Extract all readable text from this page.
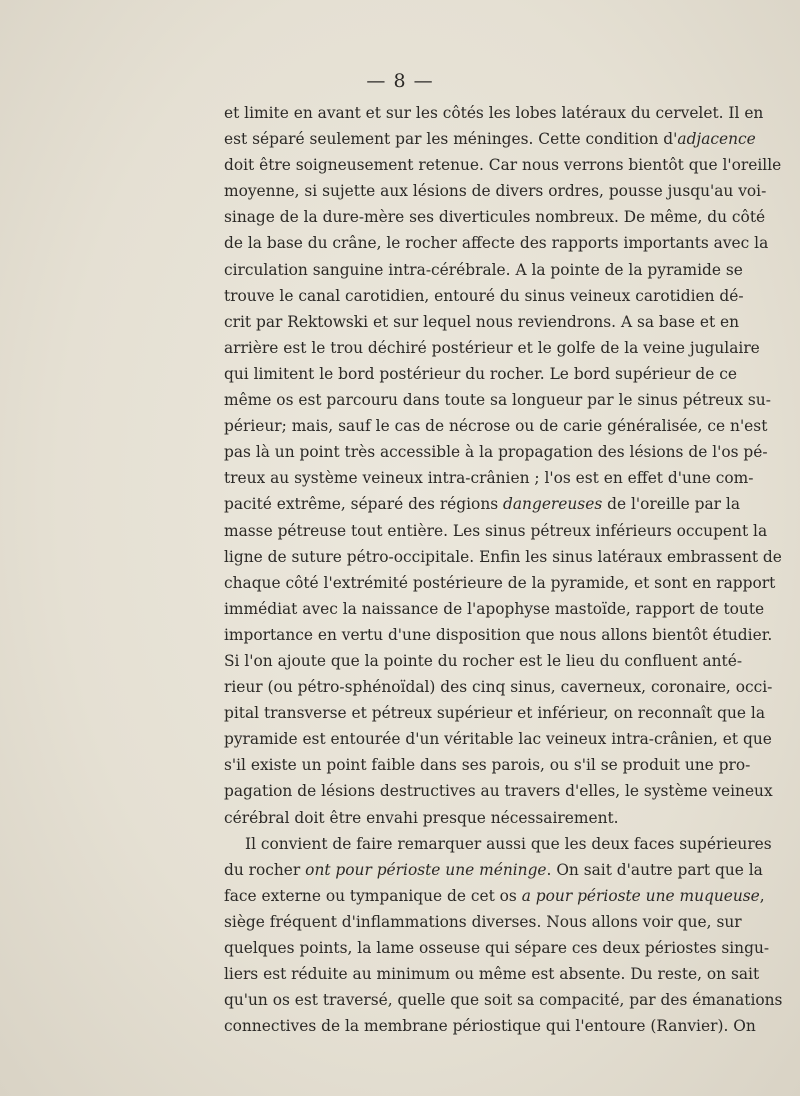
— 8 —
et limite en avant et sur les côtés les lobes latéraux du cervelet. Il en
est séparé seulement par les méninges. Cette condition d'adjacence
doit être soigneusement retenue. Car nous verrons bientôt que l'oreille
moyenne, si sujette aux lésions de divers ordres, pousse jusqu'au voi-
sinage de la dure-mère ses diverticules nombreux. De même, du côté
de la base du crâne, le rocher affecte des rapports importants avec la
circulation sanguine intra-cérébrale. A la pointe de la pyramide se
trouve le canal carotidien, entouré du sinus veineux carotidien dé-
crit par Rektowski et sur lequel nous reviendrons. A sa base et en
arrière est le trou déchiré postérieur et le golfe de la veine jugulaire
qui limitent le bord postérieur du rocher. Le bord supérieur de ce
même os est parcouru dans toute sa longueur par le sinus pétreux su-
périeur; mais, sauf le cas de nécrose ou de carie généralisée, ce n'est
pas là un point très accessible à la propagation des lésions de l'os pé-
treux au système veineux intra-crânien ; l'os est en effet d'une com-
pacité extrême, séparé des régions dangereuses de l'oreille par la
masse pétreuse tout entière. Les sinus pétreux inférieurs occupent la
ligne de suture pétro-occipitale. Enfin les sinus latéraux embrassent de
chaque côté l'extrémité postérieure de la pyramide, et sont en rapport
immédiat avec la naissance de l'apophyse mastoïde, rapport de toute
importance en vertu d'une disposition que nous allons bientôt étudier.
Si l'on ajoute que la pointe du rocher est le lieu du confluent anté-
rieur (ou pétro-sphénoïdal) des cinq sinus, caverneux, coronaire, occi-
pital transverse et pétreux supérieur et inférieur, on reconnaît que la
pyramide est entourée d'un véritable lac veineux intra-crânien, et que
s'il existe un point faible dans ses parois, ou s'il se produit une pro-
pagation de lésions destructives au travers d'elles, le système veineux
cérébral doit être envahi presque nécessairement.
Il convient de faire remarquer aussi que les deux faces supérieures
du rocher ont pour périoste une méninge. On sait d'autre part que la
face externe ou tympanique de cet os a pour périoste une muqueuse,
siège fréquent d'inflammations diverses. Nous allons voir que, sur
quelques points, la lame osseuse qui sépare ces deux périostes singu-
liers est réduite au minimum ou même est absente. Du reste, on sait
qu'un os est traversé, quelle que soit sa compacité, par des émanations
connectives de la membrane périostique qui l'entoure (Ranvier). On
